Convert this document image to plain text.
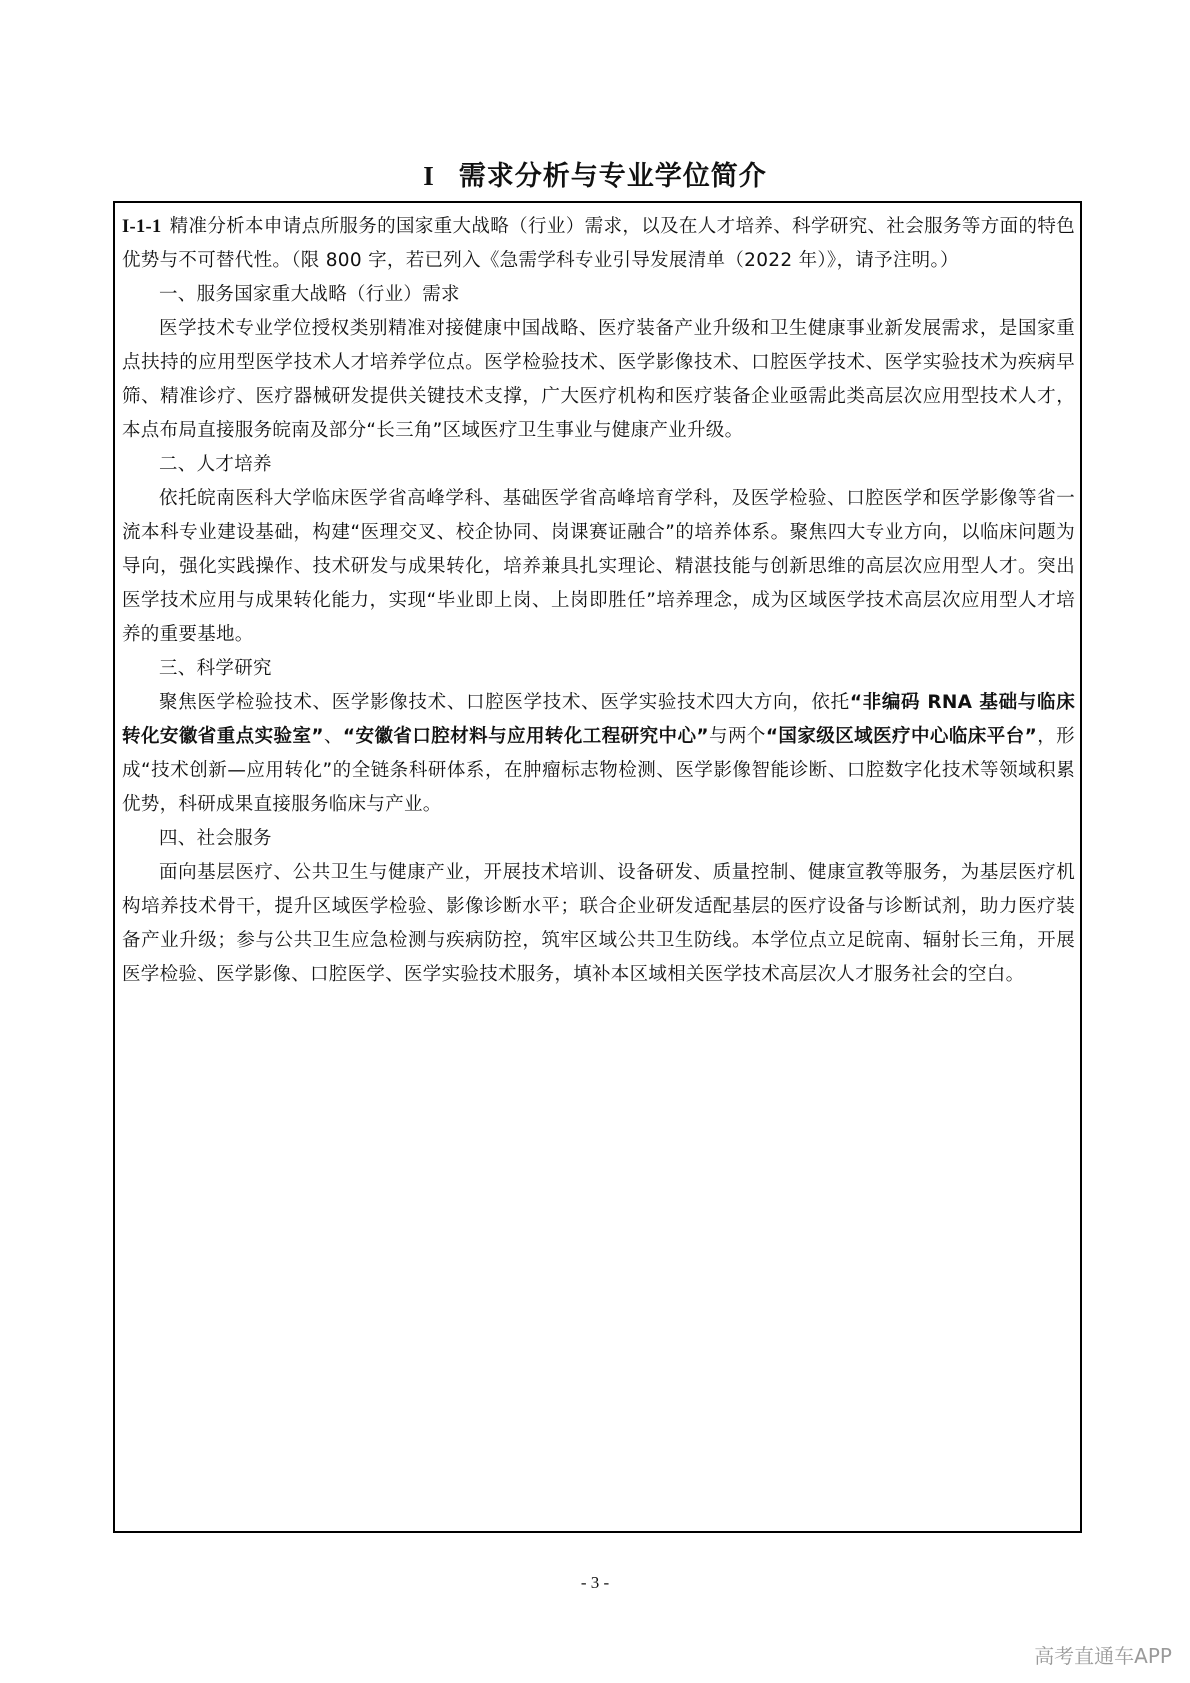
I 需求分析与专业学位简介

I-1-1 精准分析本申请点所服务的国家重大战略（行业）需求，以及在人才培养、科学研究、社会服务等方面的特色优势与不可替代性。（限 800 字，若已列入《急需学科专业引导发展清单（2022 年）》，请予注明。）

一、服务国家重大战略（行业）需求

医学技术专业学位授权类别精准对接健康中国战略、医疗装备产业升级和卫生健康事业新发展需求，是国家重点扶持的应用型医学技术人才培养学位点。医学检验技术、医学影像技术、口腔医学技术、医学实验技术为疾病早筛、精准诊疗、医疗器械研发提供关键技术支撑，广大医疗机构和医疗装备企业亟需此类高层次应用型技术人才，本点布局直接服务皖南及部分“长三角”区域医疗卫生事业与健康产业升级。

二、人才培养

依托皖南医科大学临床医学省高峰学科、基础医学省高峰培育学科，及医学检验、口腔医学和医学影像等省一流本科专业建设基础，构建“医理交叉、校企协同、岗课赛证融合”的培养体系。聚焦四大专业方向，以临床问题为导向，强化实践操作、技术研发与成果转化，培养兼具扎实理论、精湛技能与创新思维的高层次应用型人才。突出医学技术应用与成果转化能力，实现“毕业即上岗、上岗即胜任”培养理念，成为区域医学技术高层次应用型人才培养的重要基地。

三、科学研究

聚焦医学检验技术、医学影像技术、口腔医学技术、医学实验技术四大方向，依托“非编码 RNA 基础与临床转化安徽省重点实验室”、“安徽省口腔材料与应用转化工程研究中心”与两个“国家级区域医疗中心临床平台”，形成“技术创新—应用转化”的全链条科研体系，在肿瘤标志物检测、医学影像智能诊断、口腔数字化技术等领域积累优势，科研成果直接服务临床与产业。

四、社会服务

面向基层医疗、公共卫生与健康产业，开展技术培训、设备研发、质量控制、健康宣教等服务，为基层医疗机构培养技术骨干，提升区域医学检验、影像诊断水平；联合企业研发适配基层的医疗设备与诊断试剂，助力医疗装备产业升级；参与公共卫生应急检测与疾病防控，筑牢区域公共卫生防线。本学位点立足皖南、辐射长三角，开展医学检验、医学影像、口腔医学、医学实验技术服务，填补本区域相关医学技术高层次人才服务社会的空白。

- 3 -
高考直通车APP
